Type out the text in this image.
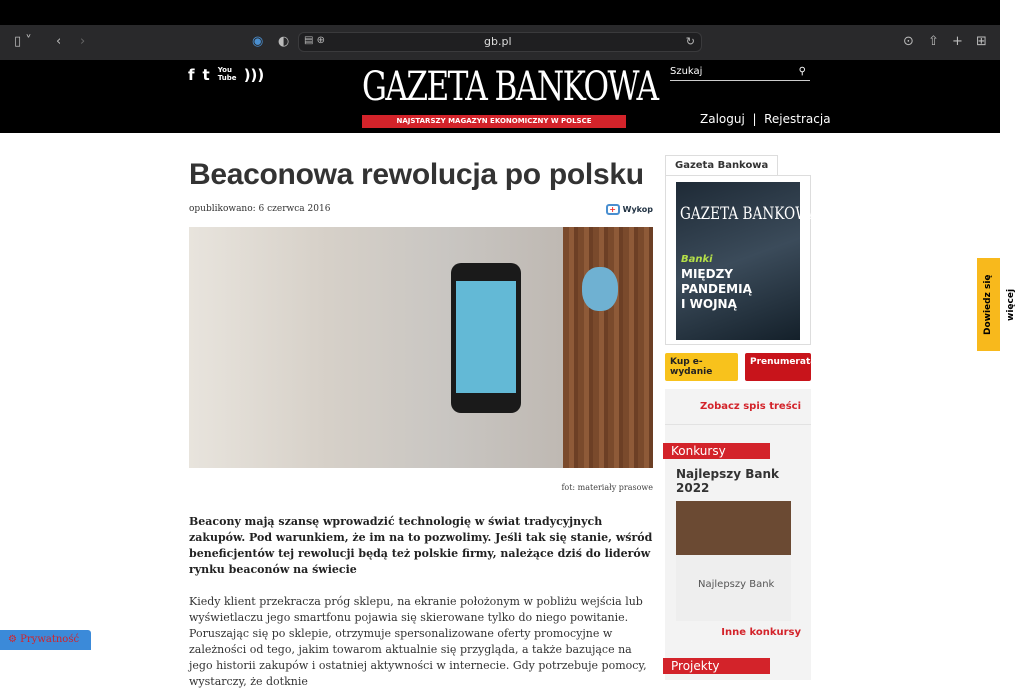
▯ ˅ ‹ ›	◉ ◐ ▤ ⊕	gb.pl	↻	⊙ ⇧ + ⊞
f t You Tube ))) GAZETA BANKOWA
NAJSTARSZY MAGAZYN EKONOMICZNY W POLSCE
Szukaj	⚲
Zaloguj  |  Rejestracja
Beaconowa rewolucja po polsku
opublikowano: 6 czerwca 2016	+ Wykop
fot: materiały prasowe

Beacony mają szansę wprowadzić technologię w świat tradycyjnych zakupów. Pod warunkiem, że im na to pozwolimy. Jeśli tak się stanie, wśród beneficjentów tej rewolucji będą też polskie firmy, należące dziś do liderów rynku beaconów na świecie

Kiedy klient przekracza próg sklepu, na ekranie położonym w pobliżu wejścia lub wyświetlaczu jego smartfonu pojawia się skierowane tylko do niego powitanie. Poruszając się po sklepie, otrzymuje spersonalizowane oferty promocyjne w zależności od tego, jakim towarom aktualnie się przygląda, a także bazujące na jego historii zakupów i ostatniej aktywności w internecie. Gdy potrzebuje pomocy, wystarczy, że dotknie

Gazeta Bankowa
GAZETA BANKOWA
Banki
MIĘDZY PANDEMIĄ I WOJNĄ
Kup e-wydanie
Prenumerata
Zobacz spis treści
Konkursy
Najlepszy Bank 2022
Najlepszy Bank
Inne konkursy
Projekty
Dowiedz się więcej
⚙ Prywatność
